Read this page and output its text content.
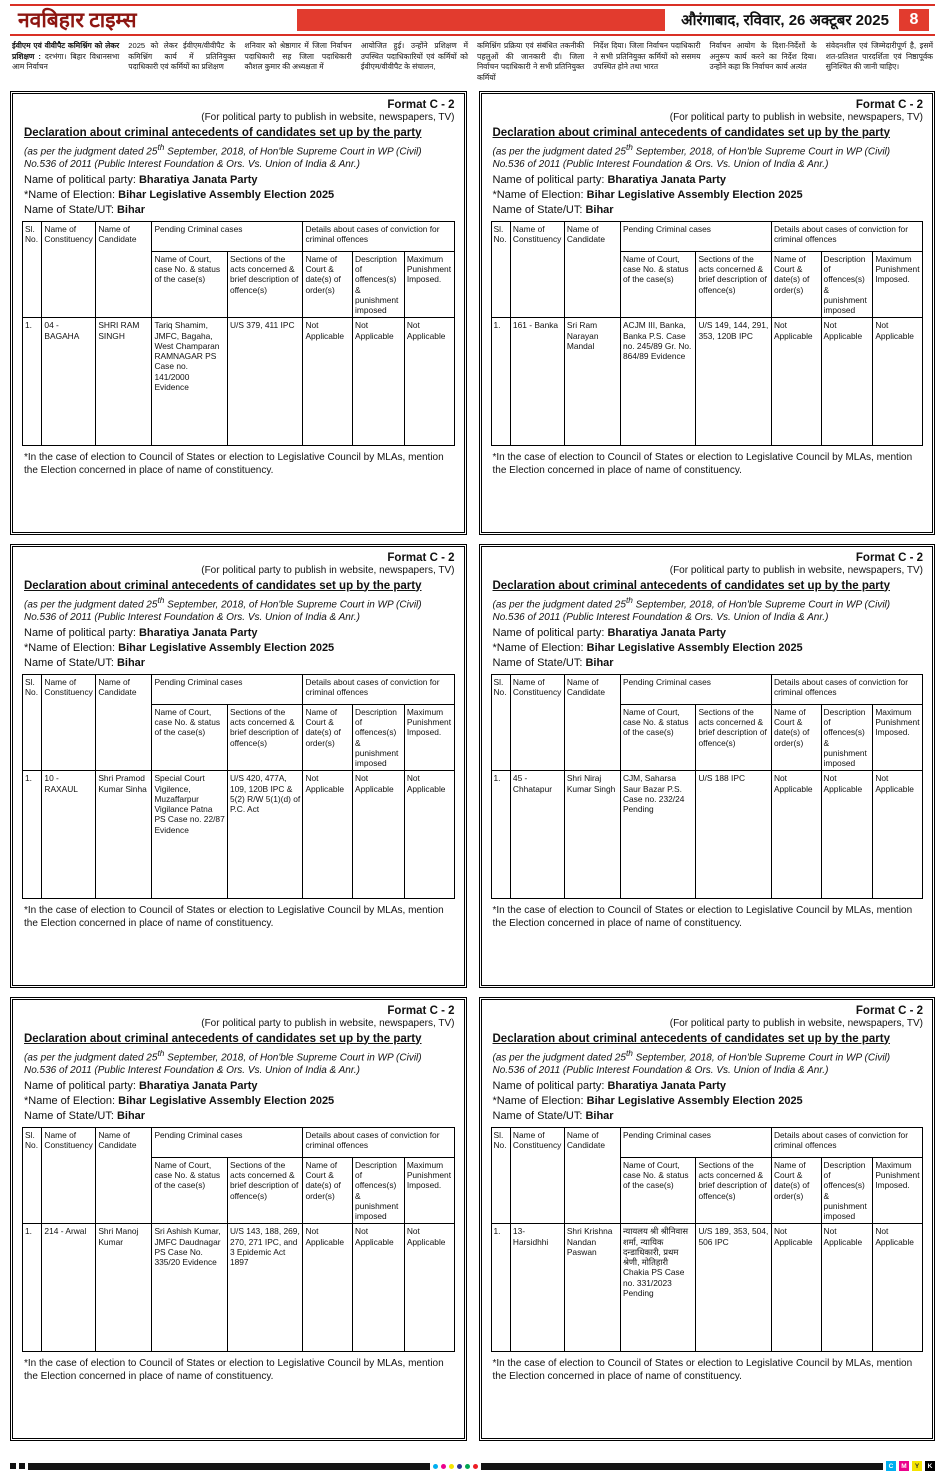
नवबिहार टाइम्स	औरंगाबाद, रविवार, 26 अक्टूबर 2025	8
ईवीएम एवं वीवीपैट कमिश्निंग को लेकर प्रशिक्षण : दरभंगा। बिहार विधानसभा आम निर्वाचन
2025 को लेकर ईवीएम/वीवीपैट के कमिश्निंग कार्य में प्रतिनियुक्त पदाधिकारी एवं कर्मियों का प्रशिक्षण
शनिवार को श्रेष्ठागार में जिला निर्वाचन पदाधिकारी सह जिला पदाधिकारी कौशल कुमार की अध्यक्षता में
आयोजित हुई। उन्होंने प्रशिक्षण में उपस्थित पदाधिकारियों एवं कर्मियों को ईवीएम/वीवीपैट के संचालन,
कमिश्निंग प्रक्रिया एवं संबंधित तकनीकी पहलुओं की जानकारी दी। जिला निर्वाचन पदाधिकारी ने सभी प्रतिनियुक्त कर्मियों
निर्देश दिया। जिला निर्वाचन पदाधिकारी ने सभी प्रतिनियुक्त कर्मियों को ससमय उपस्थित होने तथा भारत
निर्वाचन आयोग के दिशा-निर्देशों के अनुरूप कार्य करने का निर्देश दिया। उन्होंने कहा कि निर्वाचन कार्य अत्यंत
संवेदनशील एवं जिम्मेदारीपूर्ण है, इसमें शत-प्रतिशत पारदर्शिता एवं निष्ठापूर्वक सुनिश्चित की जानी चाहिए।
Format C - 2
(For political party to publish in website, newspapers, TV)
Declaration about criminal antecedents of candidates set up by the party
(as per the judgment dated 25th September, 2018, of Hon'ble Supreme Court in WP (Civil) No.536 of 2011 (Public Interest Foundation & Ors. Vs. Union of India & Anr.)
Name of political party: Bharatiya Janata Party
*Name of Election: Bihar Legislative Assembly Election 2025
Name of State/UT: Bihar
Sl. No.	Name of Constituency	Name of Candidate	Pending Criminal cases		Details about cases of conviction for criminal offences		
			Name of Court, case No. & status of the case(s)	Sections of the acts concerned & brief description of offence(s)	Name of Court & date(s) of order(s)	Description of offences(s) & punishment imposed	Maximum Punishment Imposed.
1.	04 - BAGAHA	SHRI RAM SINGH	Tariq Shamim, JMFC, Bagaha, West Champaran RAMNAGAR PS Case no. 141/2000 Evidence	U/S 379, 411 IPC	Not Applicable	Not Applicable	Not Applicable
*In the case of election to Council of States or election to Legislative Council by MLAs, mention the Election concerned in place of name of constituency.
Format C - 2
(For political party to publish in website, newspapers, TV)
Declaration about criminal antecedents of candidates set up by the party
(as per the judgment dated 25th September, 2018, of Hon'ble Supreme Court in WP (Civil) No.536 of 2011 (Public Interest Foundation & Ors. Vs. Union of India & Anr.)
Name of political party: Bharatiya Janata Party
*Name of Election: Bihar Legislative Assembly Election 2025
Name of State/UT: Bihar
Sl. No.	Name of Constituency	Name of Candidate	Pending Criminal cases		Details about cases of conviction for criminal offences		
			Name of Court, case No. & status of the case(s)	Sections of the acts concerned & brief description of offence(s)	Name of Court & date(s) of order(s)	Description of offences(s) & punishment imposed	Maximum Punishment Imposed.
1.	161 - Banka	Sri Ram Narayan Mandal	ACJM III, Banka, Banka P.S. Case no. 245/89 Gr. No. 864/89 Evidence	U/S 149, 144, 291, 353, 120B IPC	Not Applicable	Not Applicable	Not Applicable
*In the case of election to Council of States or election to Legislative Council by MLAs, mention the Election concerned in place of name of constituency.
Format C - 2
(For political party to publish in website, newspapers, TV)
Declaration about criminal antecedents of candidates set up by the party
(as per the judgment dated 25th September, 2018, of Hon'ble Supreme Court in WP (Civil) No.536 of 2011 (Public Interest Foundation & Ors. Vs. Union of India & Anr.)
Name of political party: Bharatiya Janata Party
*Name of Election: Bihar Legislative Assembly Election 2025
Name of State/UT: Bihar
Sl. No.	Name of Constituency	Name of Candidate	Pending Criminal cases		Details about cases of conviction for criminal offences		
			Name of Court, case No. & status of the case(s)	Sections of the acts concerned & brief description of offence(s)	Name of Court & date(s) of order(s)	Description of offences(s) & punishment imposed	Maximum Punishment Imposed.
1.	10 - RAXAUL	Shri Pramod Kumar Sinha	Special Court Vigilence, Muzaffarpur Vigilance Patna PS Case no. 22/87 Evidence	U/S 420, 477A, 109, 120B IPC & 5(2) R/W 5(1)(d) of P.C. Act	Not Applicable	Not Applicable	Not Applicable
*In the case of election to Council of States or election to Legislative Council by MLAs, mention the Election concerned in place of name of constituency.
Format C - 2
(For political party to publish in website, newspapers, TV)
Declaration about criminal antecedents of candidates set up by the party
(as per the judgment dated 25th September, 2018, of Hon'ble Supreme Court in WP (Civil) No.536 of 2011 (Public Interest Foundation & Ors. Vs. Union of India & Anr.)
Name of political party: Bharatiya Janata Party
*Name of Election: Bihar Legislative Assembly Election 2025
Name of State/UT: Bihar
Sl. No.	Name of Constituency	Name of Candidate	Pending Criminal cases		Details about cases of conviction for criminal offences		
			Name of Court, case No. & status of the case(s)	Sections of the acts concerned & brief description of offence(s)	Name of Court & date(s) of order(s)	Description of offences(s) & punishment imposed	Maximum Punishment Imposed.
1.	45 - Chhatapur	Shri Niraj Kumar Singh	CJM, Saharsa Saur Bazar P.S. Case no. 232/24 Pending	U/S 188 IPC	Not Applicable	Not Applicable	Not Applicable
*In the case of election to Council of States or election to Legislative Council by MLAs, mention the Election concerned in place of name of constituency.
Format C - 2
(For political party to publish in website, newspapers, TV)
Declaration about criminal antecedents of candidates set up by the party
(as per the judgment dated 25th September, 2018, of Hon'ble Supreme Court in WP (Civil) No.536 of 2011 (Public Interest Foundation & Ors. Vs. Union of India & Anr.)
Name of political party: Bharatiya Janata Party
*Name of Election: Bihar Legislative Assembly Election 2025
Name of State/UT: Bihar
Sl. No.	Name of Constituency	Name of Candidate	Pending Criminal cases		Details about cases of conviction for criminal offences		
			Name of Court, case No. & status of the case(s)	Sections of the acts concerned & brief description of offence(s)	Name of Court & date(s) of order(s)	Description of offences(s) & punishment imposed	Maximum Punishment Imposed.
1.	214 - Arwal	Shri Manoj Kumar	Sri Ashish Kumar, JMFC Daudnagar PS Case No. 335/20 Evidence	U/S 143, 188, 269, 270, 271 IPC, and 3 Epidemic Act 1897	Not Applicable	Not Applicable	Not Applicable
*In the case of election to Council of States or election to Legislative Council by MLAs, mention the Election concerned in place of name of constituency.
Format C - 2
(For political party to publish in website, newspapers, TV)
Declaration about criminal antecedents of candidates set up by the party
(as per the judgment dated 25th September, 2018, of Hon'ble Supreme Court in WP (Civil) No.536 of 2011 (Public Interest Foundation & Ors. Vs. Union of India & Anr.)
Name of political party: Bharatiya Janata Party
*Name of Election: Bihar Legislative Assembly Election 2025
Name of State/UT: Bihar
Sl. No.	Name of Constituency	Name of Candidate	Pending Criminal cases		Details about cases of conviction for criminal offences		
			Name of Court, case No. & status of the case(s)	Sections of the acts concerned & brief description of offence(s)	Name of Court & date(s) of order(s)	Description of offences(s) & punishment imposed	Maximum Punishment Imposed.
1.	13- Harsidhhi	Shri Krishna Nandan Paswan	न्यायलय श्री श्रीनिवास शर्मा, न्यायिक दन्डाधिकारी, प्रथम श्रेणी, मोतिहारी Chakia PS Case no. 331/2023 Pending	U/S 189, 353, 504, 506 IPC	Not Applicable	Not Applicable	Not Applicable
*In the case of election to Council of States or election to Legislative Council by MLAs, mention the Election concerned in place of name of constituency.
C	M	Y	K
